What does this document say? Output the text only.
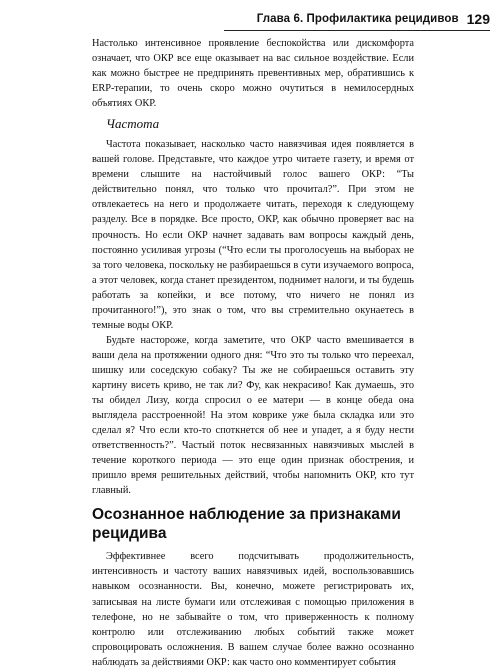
Глава 6. Профилактика рецидивов 129

Настолько интенсивное проявление беспокойства или дискомфорта означает, что ОКР все еще оказывает на вас сильное воздействие. Если как можно быстрее не предпринять превентивных мер, обратившись к ERP-терапии, то очень скоро можно очутиться в немилосердных объятиях ОКР.

Частота

Частота показывает, насколько часто навязчивая идея появляется в вашей голове. Представьте, что каждое утро читаете газету, и время от времени слышите на настойчивый голос вашего ОКР: “Ты действительно понял, что только что прочитал?”. При этом не отвлекаетесь на него и продолжаете читать, переходя к следующему разделу. Все в порядке. Все просто, ОКР, как обычно проверяет вас на прочность. Но если ОКР начнет задавать вам вопросы каждый день, постоянно усиливая угрозы (“Что если ты проголосуешь на выборах не за того человека, поскольку не разбираешься в сути изучаемого вопроса, а этот человек, когда станет президентом, поднимет налоги, и ты будешь работать за копейки, и все потому, что ничего не понял из прочитанного!”), это знак о том, что вы стремительно окунаетесь в темные воды ОКР.

Будьте настороже, когда заметите, что ОКР часто вмешивается в ваши дела на протяжении одного дня: “Что это ты только что переехал, шишку или соседскую собаку? Ты же не собираешься оставить эту картину висеть криво, не так ли? Фу, как некрасиво! Как думаешь, это ты обидел Лизу, когда спросил о ее матери — в конце обеда она выглядела расстроенной! На этом коврике уже была складка или это сделал я? Что если кто-то споткнется об нее и упадет, а я буду нести ответственность?”. Частый поток несвязанных навязчивых мыслей в течение короткого периода — это еще один признак обострения, и пришло время решительных действий, чтобы напомнить ОКР, кто тут главный.

Осознанное наблюдение за признаками рецидива

Эффективнее всего подсчитывать продолжительность, интенсивность и частоту ваших навязчивых идей, воспользовавшись навыком осознанности. Вы, конечно, можете регистрировать их, записывая на листе бумаги или отслеживая с помощью приложения в телефоне, но не забывайте о том, что приверженность к полному контролю или отслеживанию любых событий также может спровоцировать осложнения. В вашем случае более важно осознанно наблюдать за действиями ОКР: как часто оно комментирует события
